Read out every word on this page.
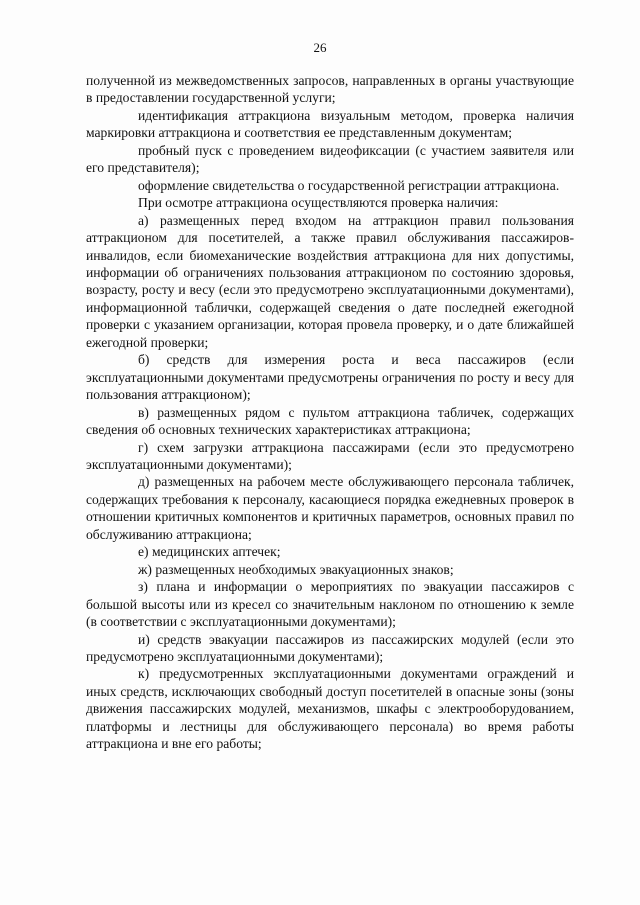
26

полученной из межведомственных запросов, направленных в органы участвующие в предоставлении государственной услуги;

идентификация аттракциона визуальным методом, проверка наличия маркировки аттракциона и соответствия ее представленным документам;

пробный пуск с проведением видеофиксации (с участием заявителя или его представителя);

оформление свидетельства о государственной регистрации аттракциона.

При осмотре аттракциона осуществляются проверка наличия:

а) размещенных перед входом на аттракцион правил пользования аттракционом для посетителей, а также правил обслуживания пассажиров-инвалидов, если биомеханические воздействия аттракциона для них допустимы, информации об ограничениях пользования аттракционом по состоянию здоровья, возрасту, росту и весу (если это предусмотрено эксплуатационными документами), информационной таблички, содержащей сведения о дате последней ежегодной проверки с указанием организации, которая провела проверку, и о дате ближайшей ежегодной проверки;

б) средств для измерения роста и веса пассажиров (если эксплуатационными документами предусмотрены ограничения по росту и весу для пользования аттракционом);

в) размещенных рядом с пультом аттракциона табличек, содержащих сведения об основных технических характеристиках аттракциона;

г) схем загрузки аттракциона пассажирами (если это предусмотрено эксплуатационными документами);

д) размещенных на рабочем месте обслуживающего персонала табличек, содержащих требования к персоналу, касающиеся порядка ежедневных проверок в отношении критичных компонентов и критичных параметров, основных правил по обслуживанию аттракциона;

е) медицинских аптечек;

ж) размещенных необходимых эвакуационных знаков;

з) плана и информации о мероприятиях по эвакуации пассажиров с большой высоты или из кресел со значительным наклоном по отношению к земле (в соответствии с эксплуатационными документами);

и) средств эвакуации пассажиров из пассажирских модулей (если это предусмотрено эксплуатационными документами);

к) предусмотренных эксплуатационными документами ограждений и иных средств, исключающих свободный доступ посетителей в опасные зоны (зоны движения пассажирских модулей, механизмов, шкафы с электрооборудованием, платформы и лестницы для обслуживающего персонала) во время работы аттракциона и вне его работы;
